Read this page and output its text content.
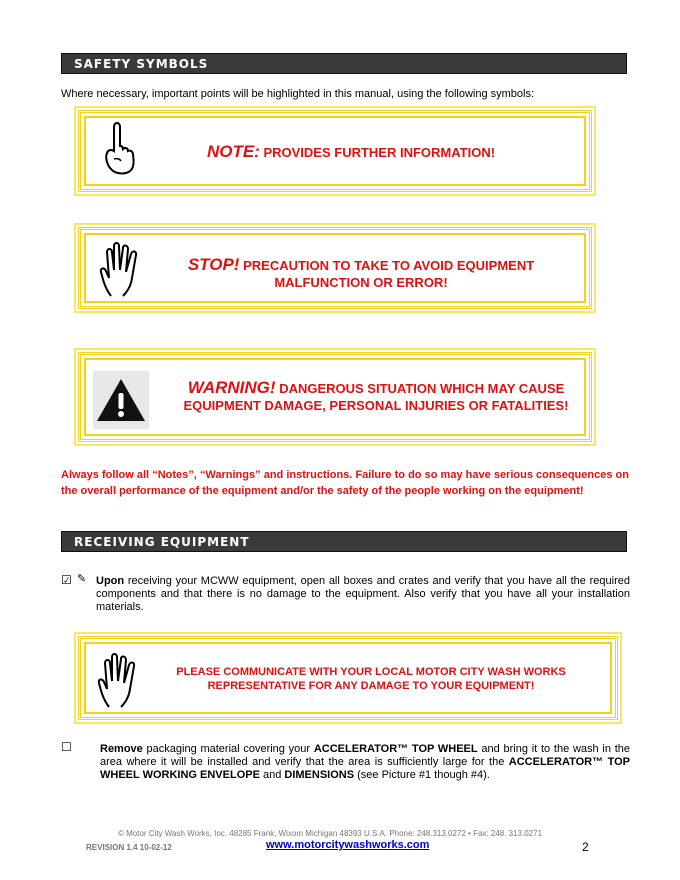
SAFETY SYMBOLS
Where necessary, important points will be highlighted in this manual, using the following symbols:
NOTE: PROVIDES FURTHER INFORMATION!
STOP! PRECAUTION TO TAKE TO AVOID EQUIPMENT
MALFUNCTION OR ERROR!
WARNING! DANGEROUS SITUATION WHICH MAY CAUSE
EQUIPMENT DAMAGE, PERSONAL INJURIES OR FATALITIES!
Always follow all “Notes”, “Warnings” and instructions. Failure to do so may have serious consequences on the overall performance of the equipment and/or the safety of the people working on the equipment!
RECEIVING EQUIPMENT
☑ ✎ Upon receiving your MCWW equipment, open all boxes and crates and verify that you have all the required components and that there is no damage to the equipment. Also verify that you have all your installation materials.
PLEASE COMMUNICATE WITH YOUR LOCAL MOTOR CITY WASH WORKS
REPRESENTATIVE FOR ANY DAMAGE TO YOUR EQUIPMENT!
☐	Remove packaging material covering your ACCELERATOR™ TOP WHEEL and bring it to the wash in the area where it will be installed and verify that the area is sufficiently large for the ACCELERATOR™ TOP WHEEL WORKING ENVELOPE and DIMENSIONS (see Picture #1 though #4).
© Motor City Wash Works, Inc. 48285 Frank, Wixom Michigan 48393 U.S.A. Phone: 248.313.0272 • Fax: 248. 313.0271
REVISION 1.4 10-02-12	www.motorcitywashworks.com	2
